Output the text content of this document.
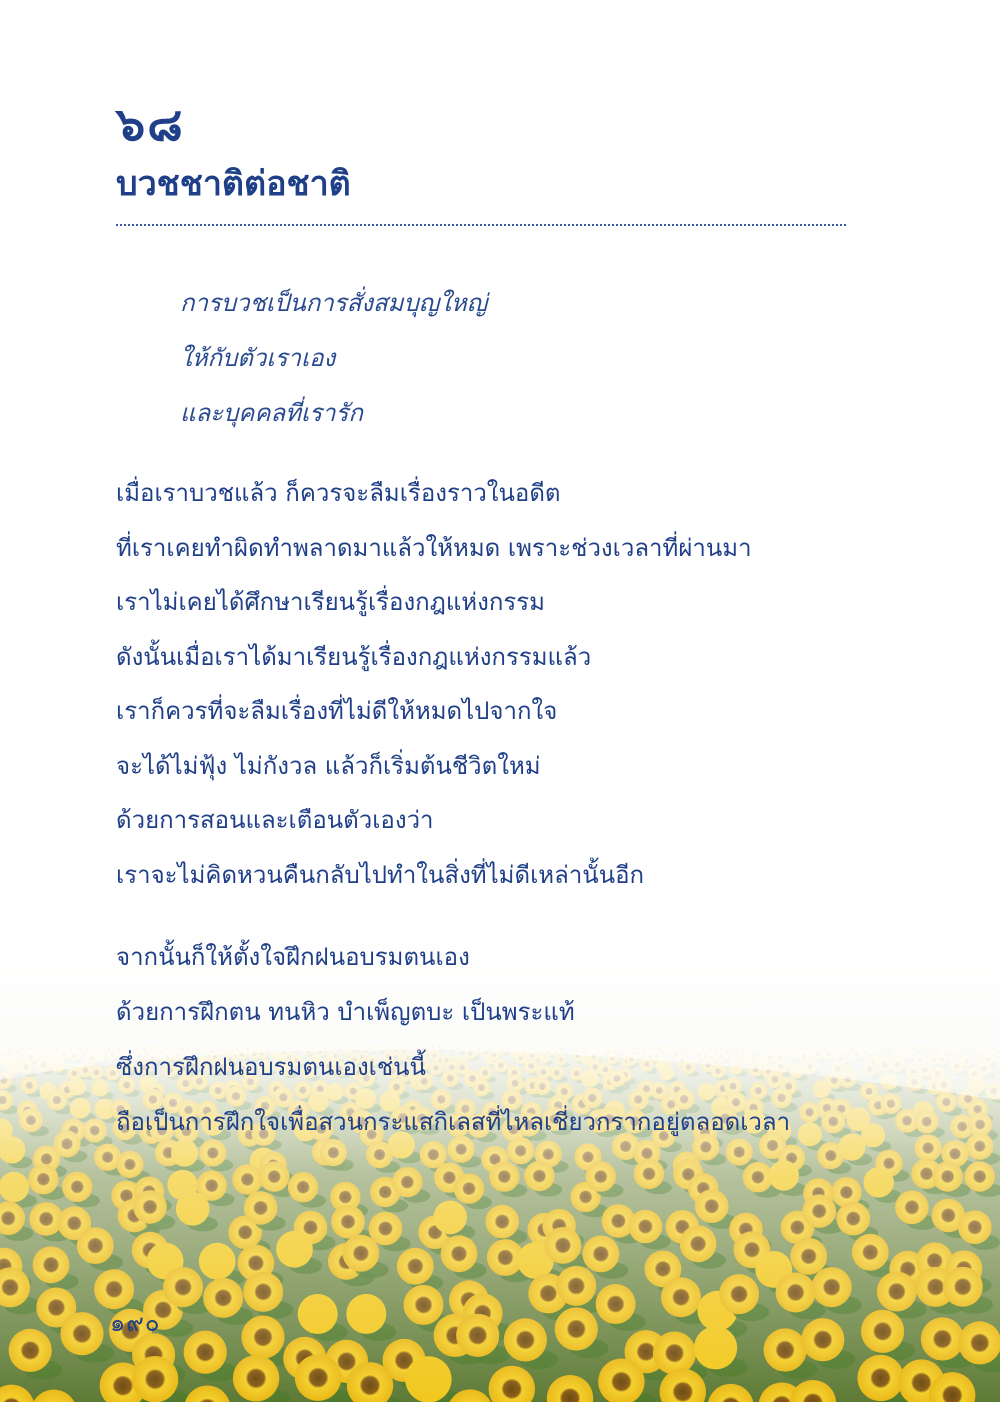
๖๘
บวชชาติต่อชาติ
การบวชเป็นการสั่งสมบุญใหญ่
ให้กับตัวเราเอง
และบุคคลที่เรารัก
เมื่อเราบวชแล้ว ก็ควรจะลืมเรื่องราวในอดีต
ที่เราเคยทำผิดทำพลาดมาแล้วให้หมด เพราะช่วงเวลาที่ผ่านมา
เราไม่เคยได้ศึกษาเรียนรู้เรื่องกฎแห่งกรรม
ดังนั้นเมื่อเราได้มาเรียนรู้เรื่องกฎแห่งกรรมแล้ว
เราก็ควรที่จะลืมเรื่องที่ไม่ดีให้หมดไปจากใจ
จะได้ไม่ฟุ้ง ไม่กังวล แล้วก็เริ่มต้นชีวิตใหม่
ด้วยการสอนและเตือนตัวเองว่า
เราจะไม่คิดหวนคืนกลับไปทำในสิ่งที่ไม่ดีเหล่านั้นอีก
จากนั้นก็ให้ตั้งใจฝึกฝนอบรมตนเอง
ด้วยการฝึกตน ทนหิว บำเพ็ญตบะ เป็นพระแท้
ซึ่งการฝึกฝนอบรมตนเองเช่นนี้
ถือเป็นการฝึกใจเพื่อสวนกระแสกิเลสที่ไหลเชี่ยวกรากอยู่ตลอดเวลา
๑๙๐
